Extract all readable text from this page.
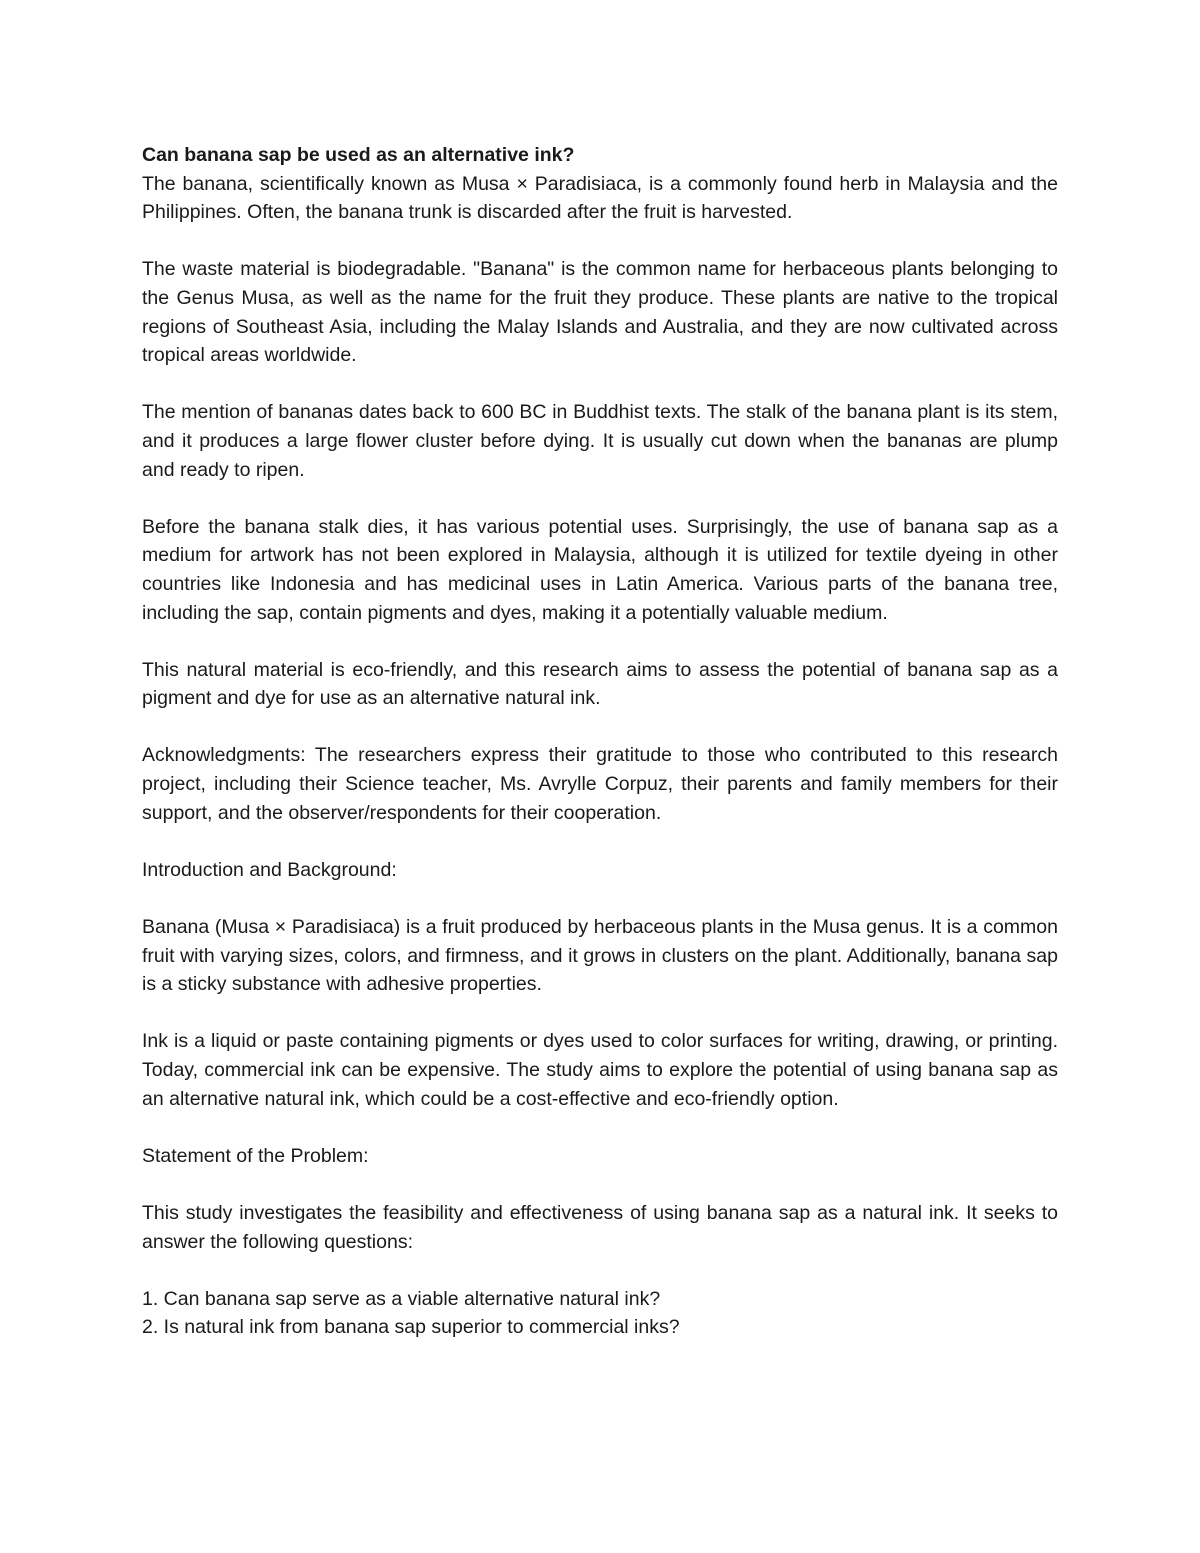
Can banana sap be used as an alternative ink?

The banana, scientifically known as Musa × Paradisiaca, is a commonly found herb in Malaysia and the Philippines. Often, the banana trunk is discarded after the fruit is harvested.

The waste material is biodegradable. "Banana" is the common name for herbaceous plants belonging to the Genus Musa, as well as the name for the fruit they produce. These plants are native to the tropical regions of Southeast Asia, including the Malay Islands and Australia, and they are now cultivated across tropical areas worldwide.

The mention of bananas dates back to 600 BC in Buddhist texts. The stalk of the banana plant is its stem, and it produces a large flower cluster before dying. It is usually cut down when the bananas are plump and ready to ripen.

Before the banana stalk dies, it has various potential uses. Surprisingly, the use of banana sap as a medium for artwork has not been explored in Malaysia, although it is utilized for textile dyeing in other countries like Indonesia and has medicinal uses in Latin America. Various parts of the banana tree, including the sap, contain pigments and dyes, making it a potentially valuable medium.

This natural material is eco-friendly, and this research aims to assess the potential of banana sap as a pigment and dye for use as an alternative natural ink.

Acknowledgments: The researchers express their gratitude to those who contributed to this research project, including their Science teacher, Ms. Avrylle Corpuz, their parents and family members for their support, and the observer/respondents for their cooperation.

Introduction and Background:

Banana (Musa × Paradisiaca) is a fruit produced by herbaceous plants in the Musa genus. It is a common fruit with varying sizes, colors, and firmness, and it grows in clusters on the plant. Additionally, banana sap is a sticky substance with adhesive properties.

Ink is a liquid or paste containing pigments or dyes used to color surfaces for writing, drawing, or printing. Today, commercial ink can be expensive. The study aims to explore the potential of using banana sap as an alternative natural ink, which could be a cost-effective and eco-friendly option.

Statement of the Problem:

This study investigates the feasibility and effectiveness of using banana sap as a natural ink. It seeks to answer the following questions:

1. Can banana sap serve as a viable alternative natural ink?
2. Is natural ink from banana sap superior to commercial inks?
